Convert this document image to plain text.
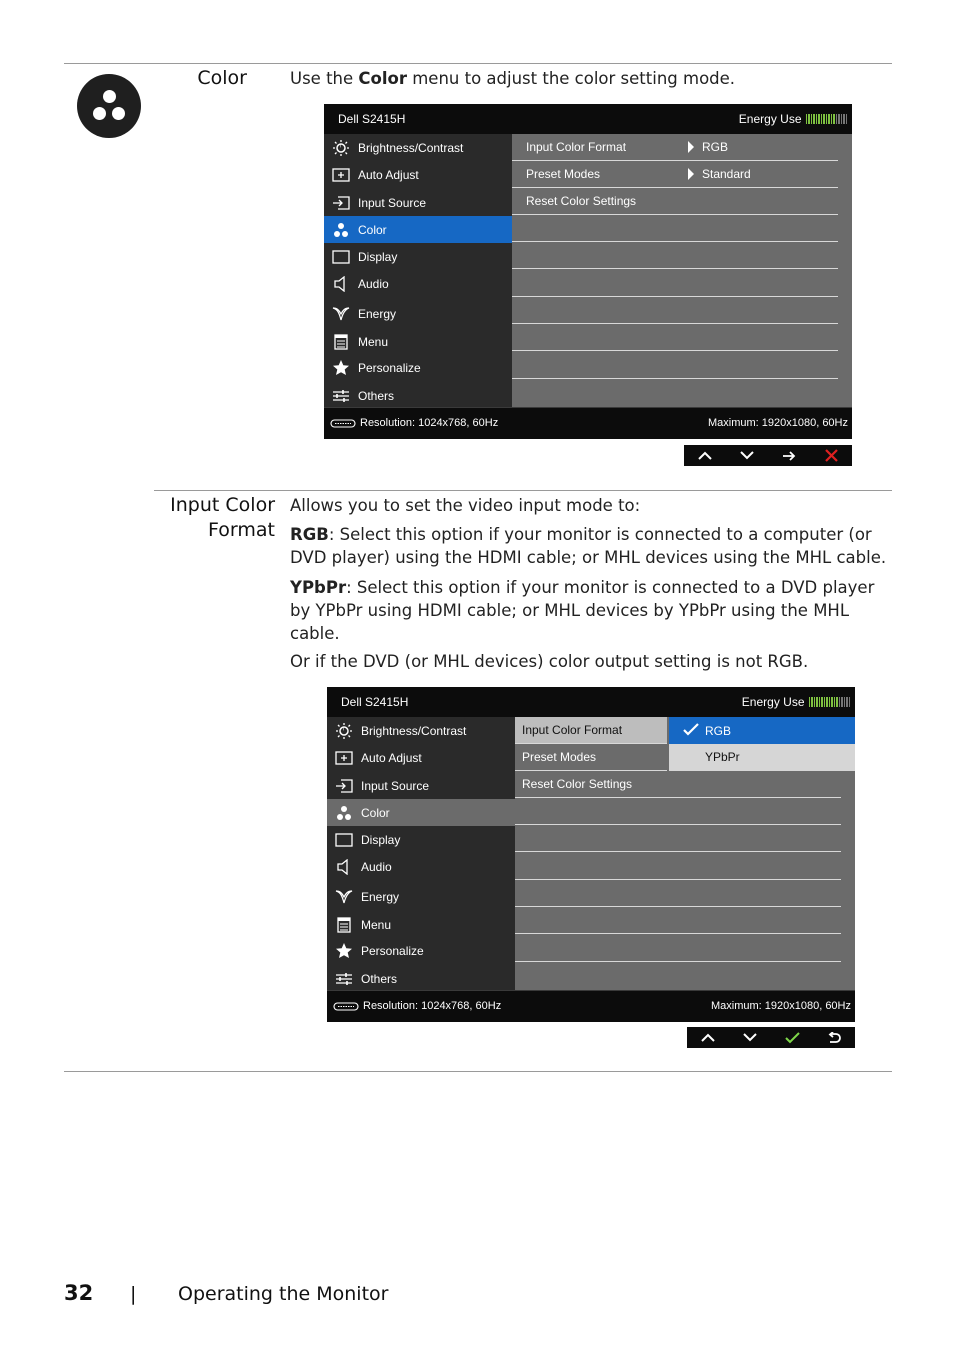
Color	Use the Color menu to adjust the color setting mode.

Dell S2415H	Energy Use
Brightness/Contrast
Auto Adjust
Input Source
Color
Display
Audio
Energy
Menu
Personalize
Others
Input Color Format	RGB
Preset Modes	Standard
Reset Color Settings
Resolution: 1024x768, 60Hz	Maximum: 1920x1080, 60Hz
Input Color
Format

Allows you to set the video input mode to:

RGB: Select this option if your monitor is connected to a computer (or DVD player) using the HDMI cable; or MHL devices using the MHL cable.

YPbPr: Select this option if your monitor is connected to a DVD player by YPbPr using HDMI cable; or MHL devices by YPbPr using the MHL cable.

Or if the DVD (or MHL devices) color output setting is not RGB.

Dell S2415H	Energy Use
Brightness/Contrast
Auto Adjust
Input Source
Color
Display
Audio
Energy
Menu
Personalize
Others
Input Color Format
Preset Modes
Reset Color Settings
RGB
YPbPr
Resolution: 1024x768, 60Hz	Maximum: 1920x1080, 60Hz
32 | Operating the Monitor
